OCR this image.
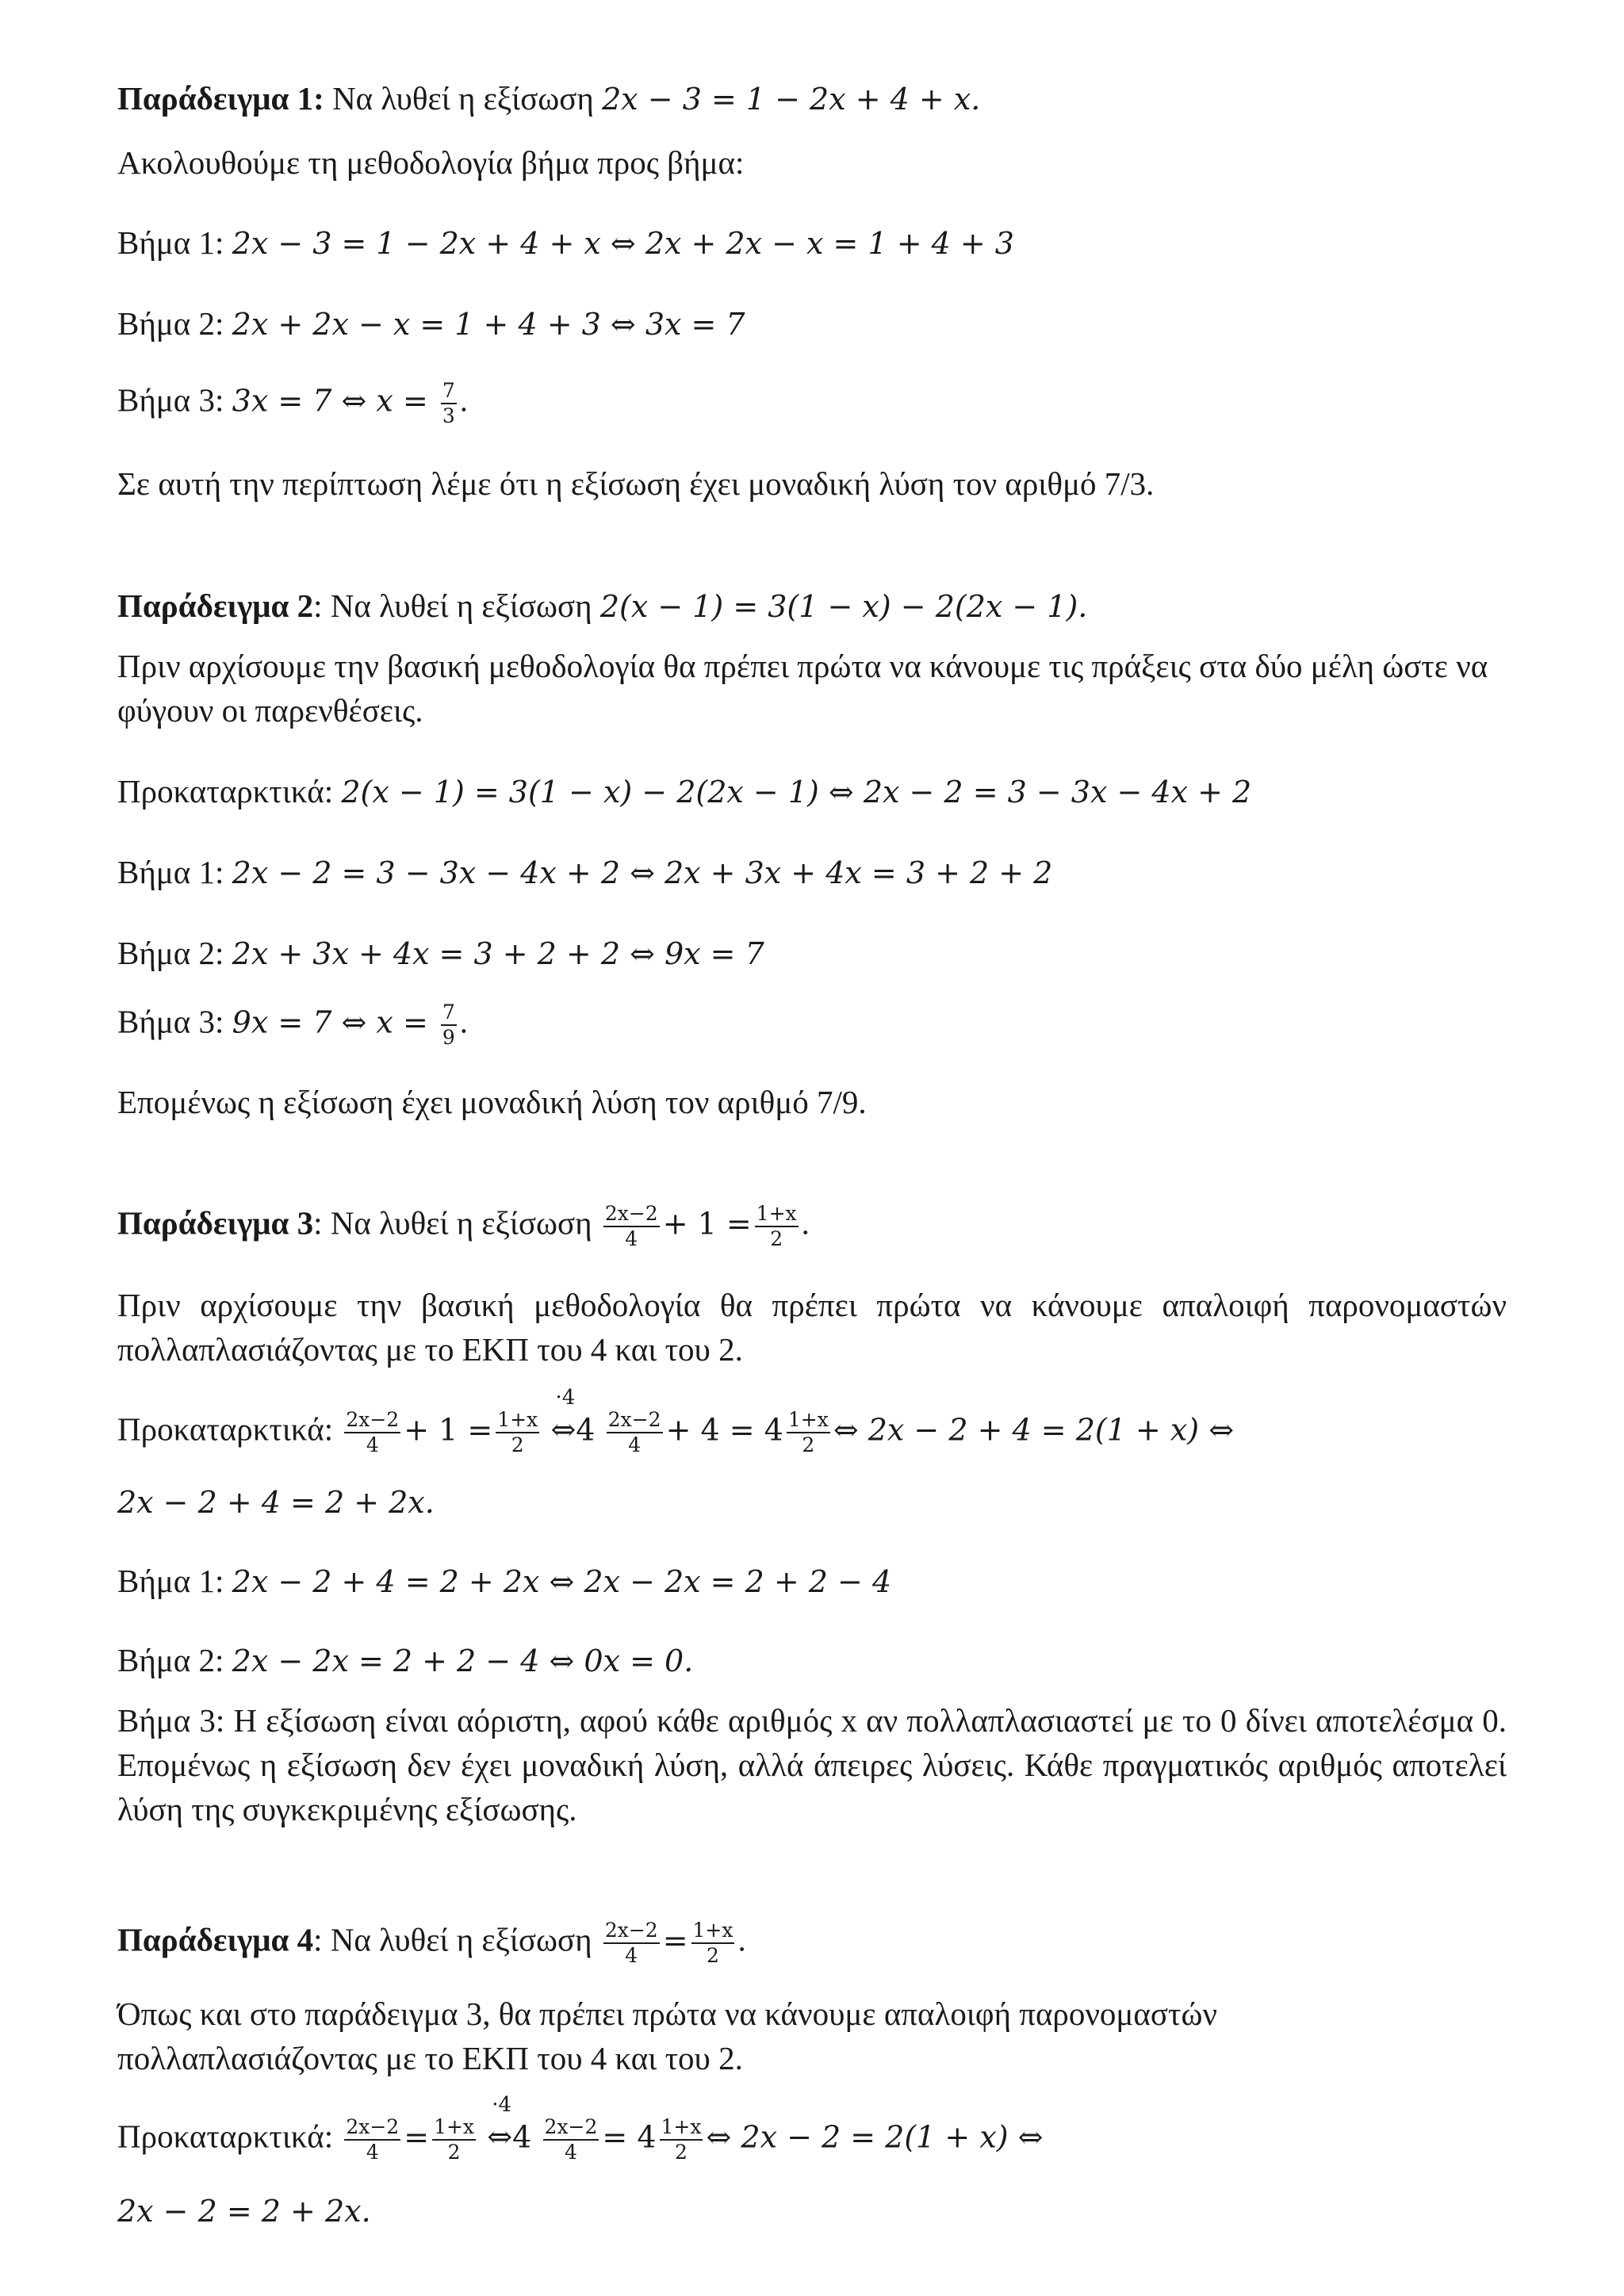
Παράδειγμα 1: Να λυθεί η εξίσωση 2x − 3 = 1 − 2x + 4 + x.
Ακολουθούμε τη μεθοδολογία βήμα προς βήμα:
Βήμα 1: 2x − 3 = 1 − 2x + 4 + x ⇔ 2x + 2x − x = 1 + 4 + 3
Βήμα 2: 2x + 2x − x = 1 + 4 + 3 ⇔ 3x = 7
Βήμα 3: 3x = 7 ⇔ $x = \frac{7}{3}$ .
Σε αυτή την περίπτωση λέμε ότι η εξίσωση έχει μοναδική λύση τον αριθμό 7/3.
Παράδειγμα 2: Να λυθεί η εξίσωση 2(x − 1) = 3(1 − x) − 2(2x − 1).
Πριν αρχίσουμε την βασική μεθοδολογία θα πρέπει πρώτα να κάνουμε τις πράξεις στα δύο μέλη ώστε να φύγουν οι παρενθέσεις.
Προκαταρκτικά: 2(x − 1) = 3(1 − x) − 2(2x − 1) ⇔ 2x − 2 = 3 − 3x − 4x + 2
Βήμα 1: 2x − 2 = 3 − 3x − 4x + 2 ⇔ 2x + 3x + 4x = 3 + 2 + 2
Βήμα 2: 2x + 3x + 4x = 3 + 2 + 2 ⇔ 9x = 7
Βήμα 3: 9x = 7 ⇔ $x = \frac{7}{9}$ .
Επομένως η εξίσωση έχει μοναδική λύση τον αριθμό 7/9.
Παράδειγμα 3: Να λυθεί η εξίσωση $\frac{2x-2}{4} + 1 = \frac{1+x}{2}$ .
Πριν αρχίσουμε την βασική μεθοδολογία θα πρέπει πρώτα να κάνουμε απαλοιφή παρονομαστών πολλαπλασιάζοντας με το ΕΚΠ του 4 και του 2.
Προκαταρκτικά: $\frac{2x-2}{4} + 1 = \frac{1+x}{2}$

·4
⇔4 $\frac{2x-2}{4} + 4 = 4 \frac{1+x}{2}$ ⇔ 2x − 2 + 4 = 2(1 + x) ⇔
2x − 2 + 4 = 2 + 2x.
Βήμα 1: 2x − 2 + 4 = 2 + 2x ⇔ 2x − 2x = 2 + 2 − 4
Βήμα 2: 2x − 2x = 2 + 2 − 4 ⇔ 0x = 0.
Βήμα 3: Η εξίσωση είναι αόριστη, αφού κάθε αριθμός x αν πολλαπλασιαστεί με το 0 δίνει αποτελέσμα 0. Επομένως η εξίσωση δεν έχει μοναδική λύση, αλλά άπειρες λύσεις. Κάθε πραγματικός αριθμός αποτελεί λύση της συγκεκριμένης εξίσωσης.
Παράδειγμα 4: Να λυθεί η εξίσωση $\frac{2x-2}{4} = \frac{1+x}{2}$ .
Όπως και στο παράδειγμα 3, θα πρέπει πρώτα να κάνουμε απαλοιφή παρονομαστών πολλαπλασιάζοντας με το ΕΚΠ του 4 και του 2.
Προκαταρκτικά: $\frac{2x-2}{4} = \frac{1+x}{2}$

·4
⇔4 $\frac{2x-2}{4} = 4 \frac{1+x}{2}$ ⇔ 2x − 2 = 2(1 + x) ⇔
2x − 2 = 2 + 2x.
